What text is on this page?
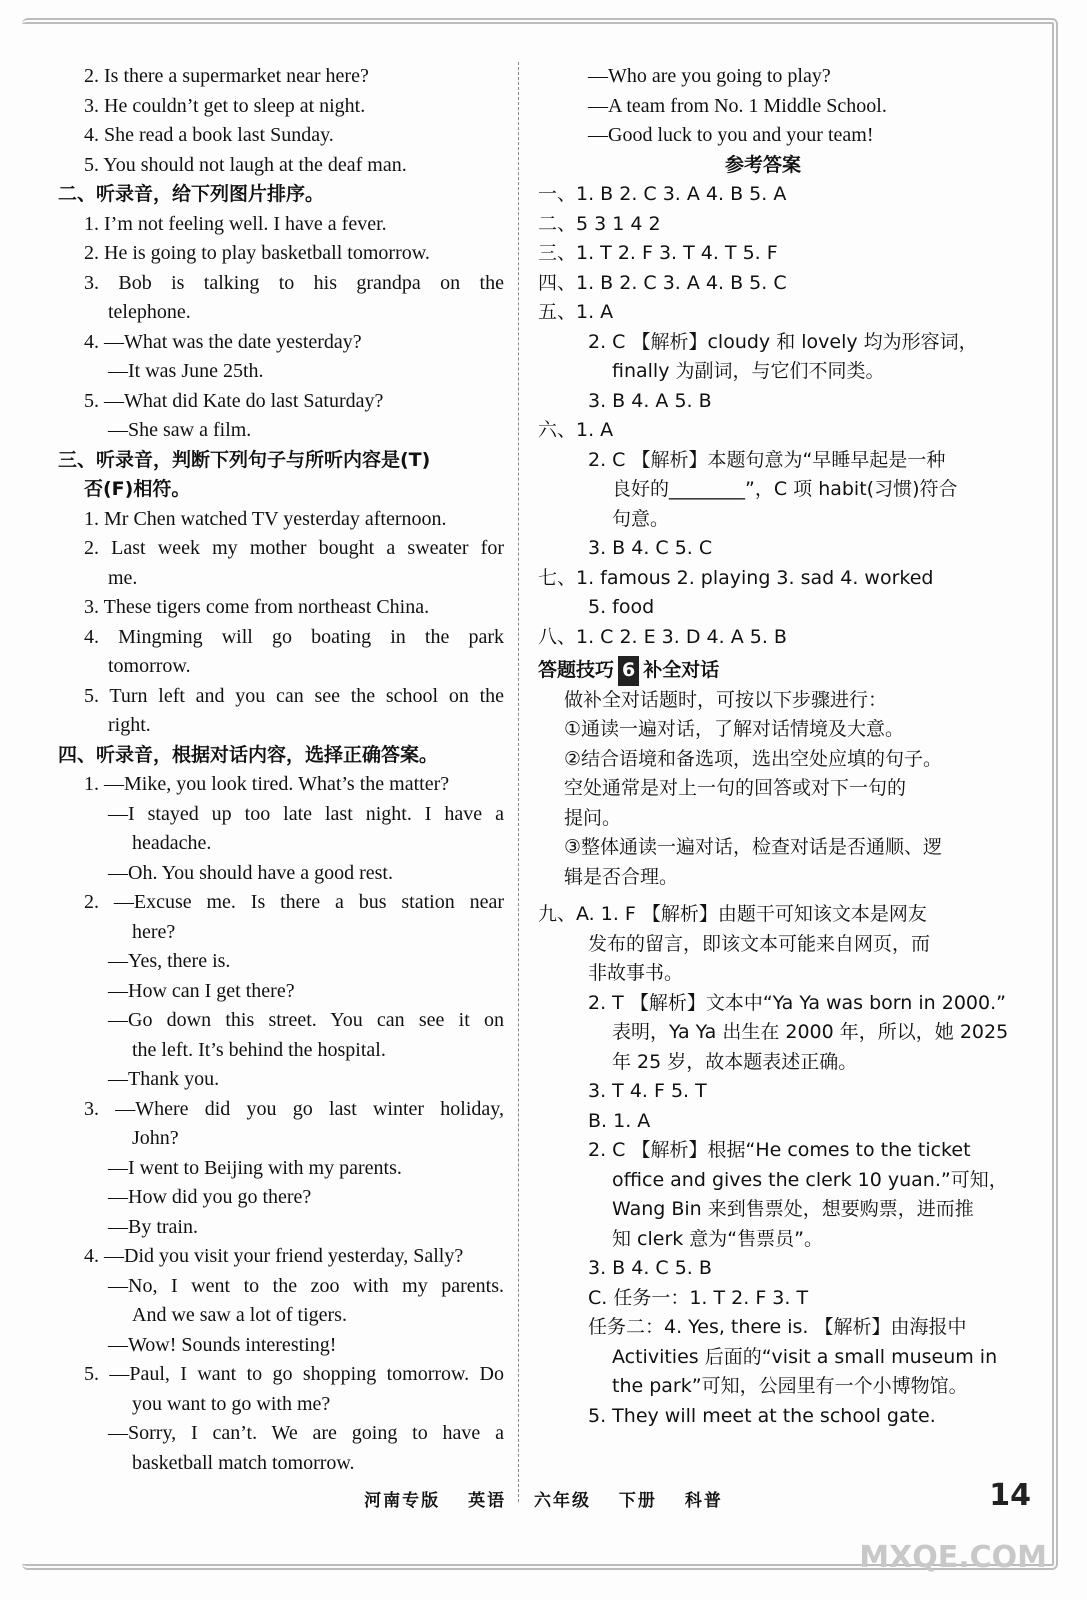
2. Is there a supermarket near here?
3. He couldn’t get to sleep at night.
4. She read a book last Sunday.
5. You should not laugh at the deaf man.
二、听录音，给下列图片排序。
1. I’m not feeling well. I have a fever.
2. He is going to play basketball tomorrow.
3. Bob is talking to his grandpa on the
telephone.
4. —What was the date yesterday?
—It was June 25th.
5. —What did Kate do last Saturday?
—She saw a film.
三、听录音，判断下列句子与所听内容是(T)
否(F)相符。
1. Mr Chen watched TV yesterday afternoon.
2. Last week my mother bought a sweater for
me.
3. These tigers come from northeast China.
4. Mingming will go boating in the park
tomorrow.
5. Turn left and you can see the school on the
right.
四、听录音，根据对话内容，选择正确答案。
1. —Mike, you look tired. What’s the matter?
—I stayed up too late last night. I have a
headache.
—Oh. You should have a good rest.
2. —Excuse me. Is there a bus station near
here?
—Yes, there is.
—How can I get there?
—Go down this street. You can see it on
the left. It’s behind the hospital.
—Thank you.
3. —Where did you go last winter holiday,
John?
—I went to Beijing with my parents.
—How did you go there?
—By train.
4. —Did you visit your friend yesterday, Sally?
—No, I went to the zoo with my parents.
And we saw a lot of tigers.
—Wow! Sounds interesting!
5. —Paul, I want to go shopping tomorrow. Do
you want to go with me?
—Sorry, I can’t. We are going to have a
basketball match tomorrow.
—Who are you going to play?
—A team from No. 1 Middle School.
—Good luck to you and your team!
参考答案
一、1. B 2. C 3. A 4. B 5. A
二、5 3 1 4 2
三、1. T 2. F 3. T 4. T 5. F
四、1. B 2. C 3. A 4. B 5. C
五、1. A
2. C 【解析】cloudy 和 lovely 均为形容词，
finally 为副词，与它们不同类。
3. B 4. A 5. B
六、1. A
2. C 【解析】本题句意为“早睡早起是一种
良好的________”，C 项 habit(习惯)符合
句意。
3. B 4. C 5. C
七、1. famous 2. playing 3. sad 4. worked
5. food
八、1. C 2. E 3. D 4. A 5. B
答题技巧 6 补全对话
做补全对话题时，可按以下步骤进行：
①通读一遍对话，了解对话情境及大意。
②结合语境和备选项，选出空处应填的句子。
空处通常是对上一句的回答或对下一句的
提问。
③整体通读一遍对话，检查对话是否通顺、逻
辑是否合理。
九、A. 1. F 【解析】由题干可知该文本是网友
发布的留言，即该文本可能来自网页，而
非故事书。
2. T 【解析】文本中“Ya Ya was born in 2000.”
表明，Ya Ya 出生在 2000 年，所以，她 2025
年 25 岁，故本题表述正确。
3. T 4. F 5. T
B. 1. A
2. C 【解析】根据“He comes to the ticket
office and gives the clerk 10 yuan.”可知，
Wang Bin 来到售票处，想要购票，进而推
知 clerk 意为“售票员”。
3. B 4. C 5. B
C. 任务一：1. T 2. F 3. T
任务二：4. Yes, there is. 【解析】由海报中
Activities 后面的“visit a small museum in
the park”可知，公园里有一个小博物馆。
5. They will meet at the school gate.
河南专版 英语 六年级 下册 科普	14
MXQE.COM
